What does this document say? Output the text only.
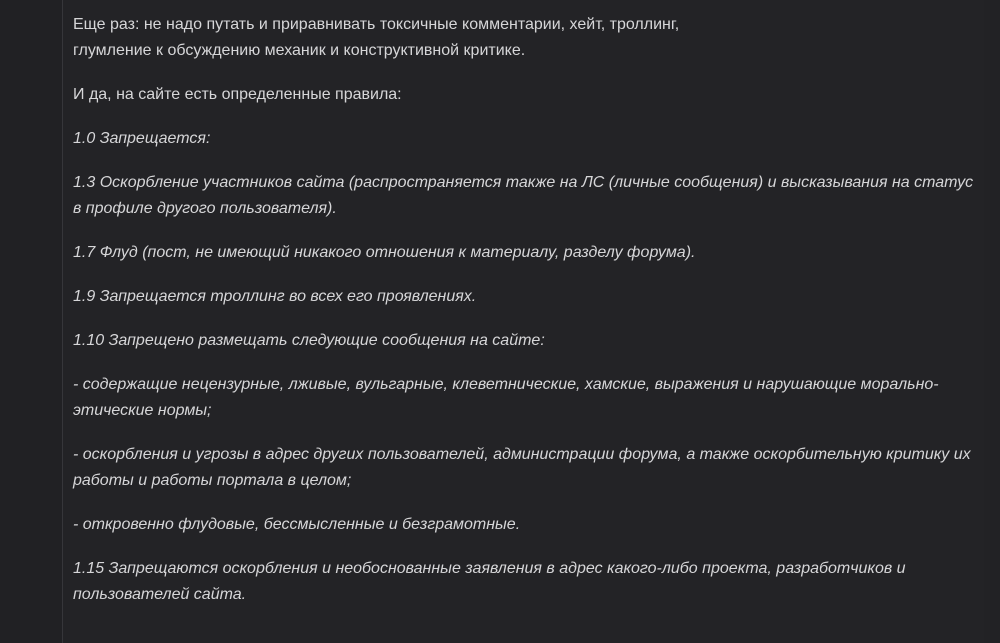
Еще раз: не надо путать и приравнивать токсичные комментарии, хейт, троллинг,
глумление к обсуждению механик и конструктивной критике.

И да, на сайте есть определенные правила:

1.0 Запрещается:

1.3 Оскорбление участников сайта (распространяется также на ЛС (личные сообщения) и высказывания на статус в профиле другого пользователя).

1.7 Флуд (пост, не имеющий никакого отношения к материалу, разделу форума).

1.9 Запрещается троллинг во всех его проявлениях.

1.10 Запрещено размещать следующие сообщения на сайте:

- содержащие нецензурные, лживые, вульгарные, клеветнические, хамские, выражения и нарушающие морально-этические нормы;

- оскорбления и угрозы в адрес других пользователей, администрации форума, а также оскорбительную критику их работы и работы портала в целом;

- откровенно флудовые, бессмысленные и безграмотные.

1.15 Запрещаются оскорбления и необоснованные заявления в адрес какого-либо проекта, разработчиков и пользователей сайта.
